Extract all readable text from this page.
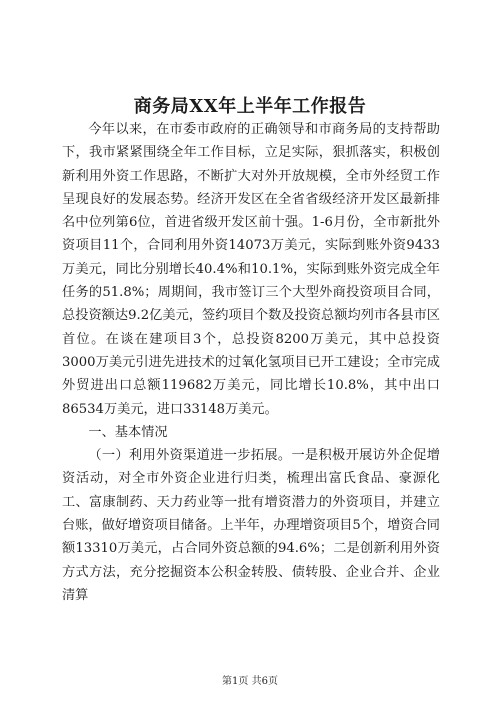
商务局XX年上半年工作报告

今年以来，在市委市政府的正确领导和市商务局的支持帮助下，我市紧紧围绕全年工作目标，立足实际，狠抓落实，积极创新利用外资工作思路，不断扩大对外开放规模，全市外经贸工作呈现良好的发展态势。经济开发区在全省省级经济开发区最新排名中位列第6位，首进省级开发区前十强。1-6月份，全市新批外资项目11个，合同利用外资14073万美元，实际到账外资9433万美元，同比分别增长40.4%和10.1%，实际到账外资完成全年任务的51.8%；周期间，我市签订三个大型外商投资项目合同，总投资额达9.2亿美元，签约项目个数及投资总额均列市各县市区首位。在谈在建项目3个，总投资8200万美元，其中总投资3000万美元引进先进技术的过氧化氢项目已开工建设；全市完成外贸进出口总额119682万美元，同比增长10.8%，其中出口86534万美元，进口33148万美元。

一、基本情况

（一）利用外资渠道进一步拓展。一是积极开展访外企促增资活动，对全市外资企业进行归类，梳理出富氏食品、豪源化工、富康制药、天力药业等一批有增资潜力的外资项目，并建立台账，做好增资项目储备。上半年，办理增资项目5个，增资合同额13310万美元，占合同外资总额的94.6%；二是创新利用外资方式方法，充分挖掘资本公积金转股、债转股、企业合并、企业清算

第1页 共6页
